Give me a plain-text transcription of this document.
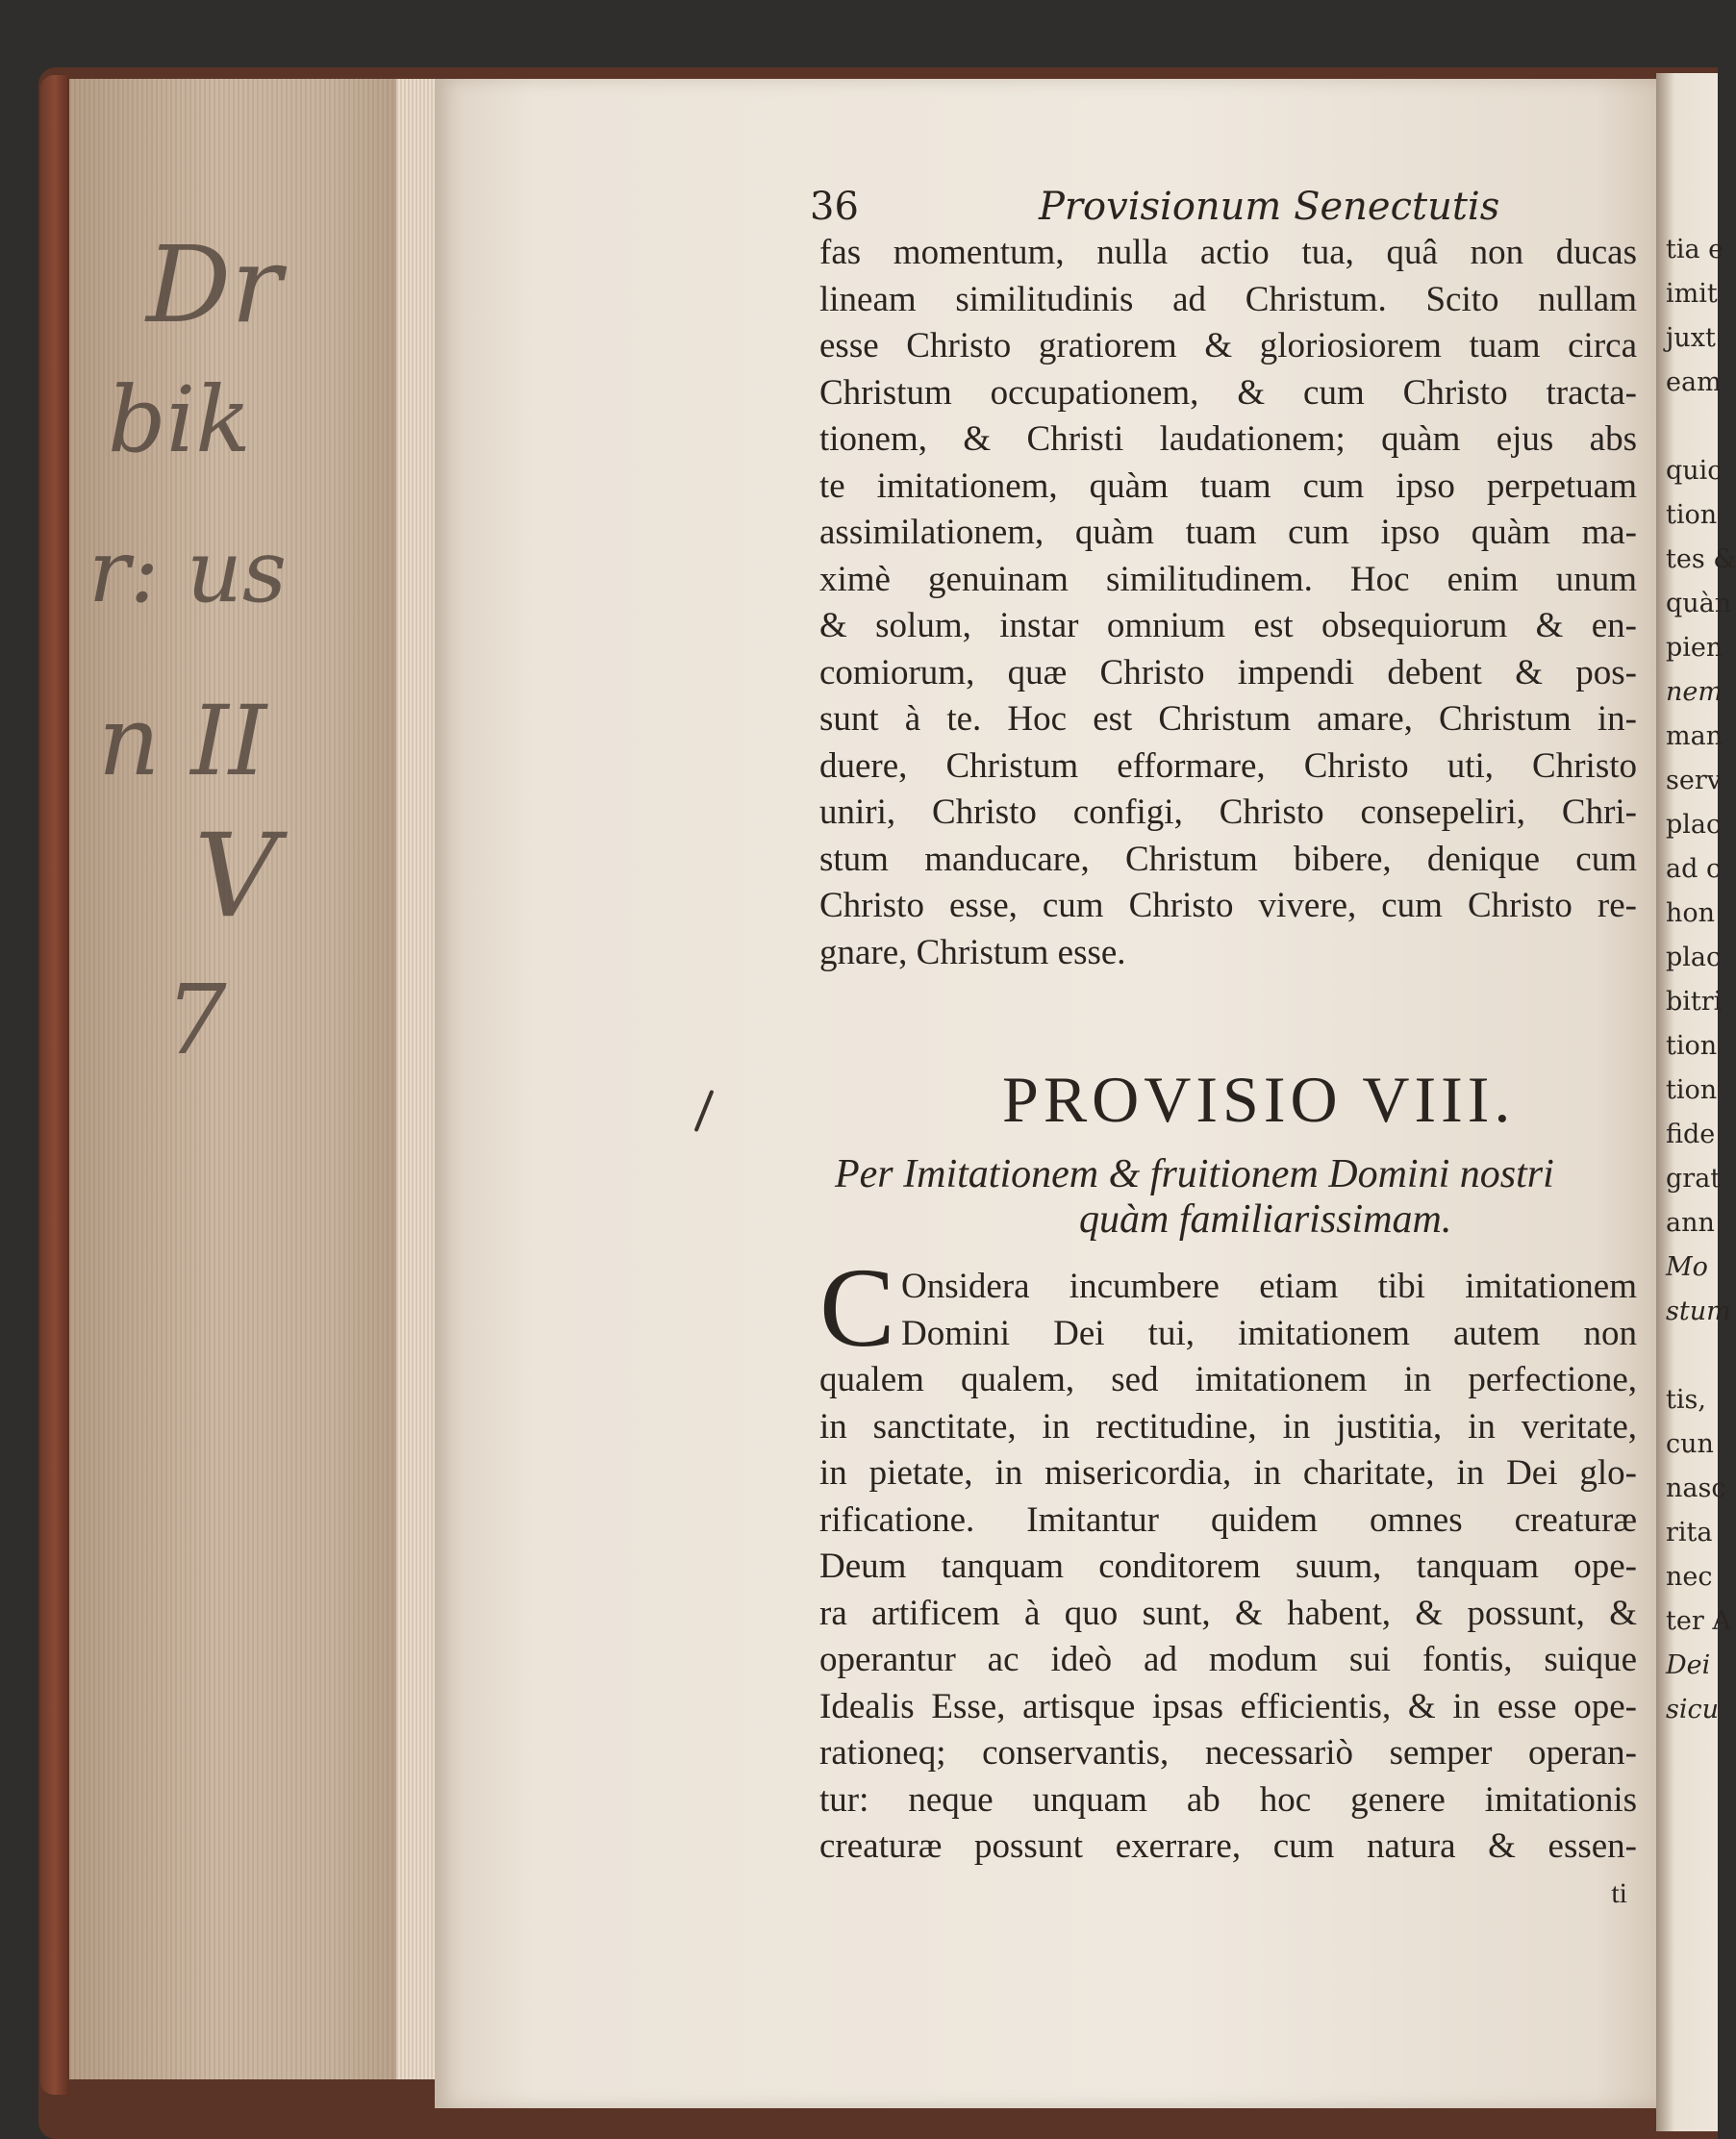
Dr
bik
r: us
n II
V
7
36	Provisionum Senectutis
fas momentum, nulla actio tua, quâ non ducas
lineam similitudinis ad Christum. Scito nullam
esse Christo gratiorem & gloriosiorem tuam circa
Christum occupationem, & cum Christo tracta-
tionem, & Christi laudationem; quàm ejus abs
te imitationem, quàm tuam cum ipso perpetuam
assimilationem, quàm tuam cum ipso quàm ma-
ximè genuinam similitudinem. Hoc enim unum
& solum, instar omnium est obsequiorum & en-
comiorum, quæ Christo impendi debent & pos-
sunt à te. Hoc est Christum amare, Christum in-
duere, Christum efformare, Christo uti, Christo
uniri, Christo configi, Christo consepeliri, Chri-
stum manducare, Christum bibere, denique cum
Christo esse, cum Christo vivere, cum Christo re-
gnare, Christum esse.
PROVISIO VIII.
Per Imitationem & fruitionem Domini nostri
quàm familiarissimam.
C Onsidera incumbere etiam tibi imitationem
Domini Dei tui, imitationem autem non
qualem qualem, sed imitationem in perfectione,
in sanctitate, in rectitudine, in justitia, in veritate,
in pietate, in misericordia, in charitate, in Dei glo-
rificatione. Imitantur quidem omnes creaturæ
Deum tanquam conditorem suum, tanquam ope-
ra artificem à quo sunt, & habent, & possunt, &
operantur ac ideò ad modum sui fontis, suique
Idealis Esse, artisque ipsas efficientis, & in esse ope-
rationeq; conservantis, necessariò semper operan-
tur: neque unquam ab hoc genere imitationis
creaturæ possunt exerrare, cum natura & essen-
ti
tia e
imit
juxt
eam
quic
tion
tes &
quàn
pien
nem
man
serv
plac
ad c
hon
plac
bitri
tion
tion
fide
grat
ann
Mo
stum
tis,
cun
nasc
rita
nec
ter A
Dei
sicu
